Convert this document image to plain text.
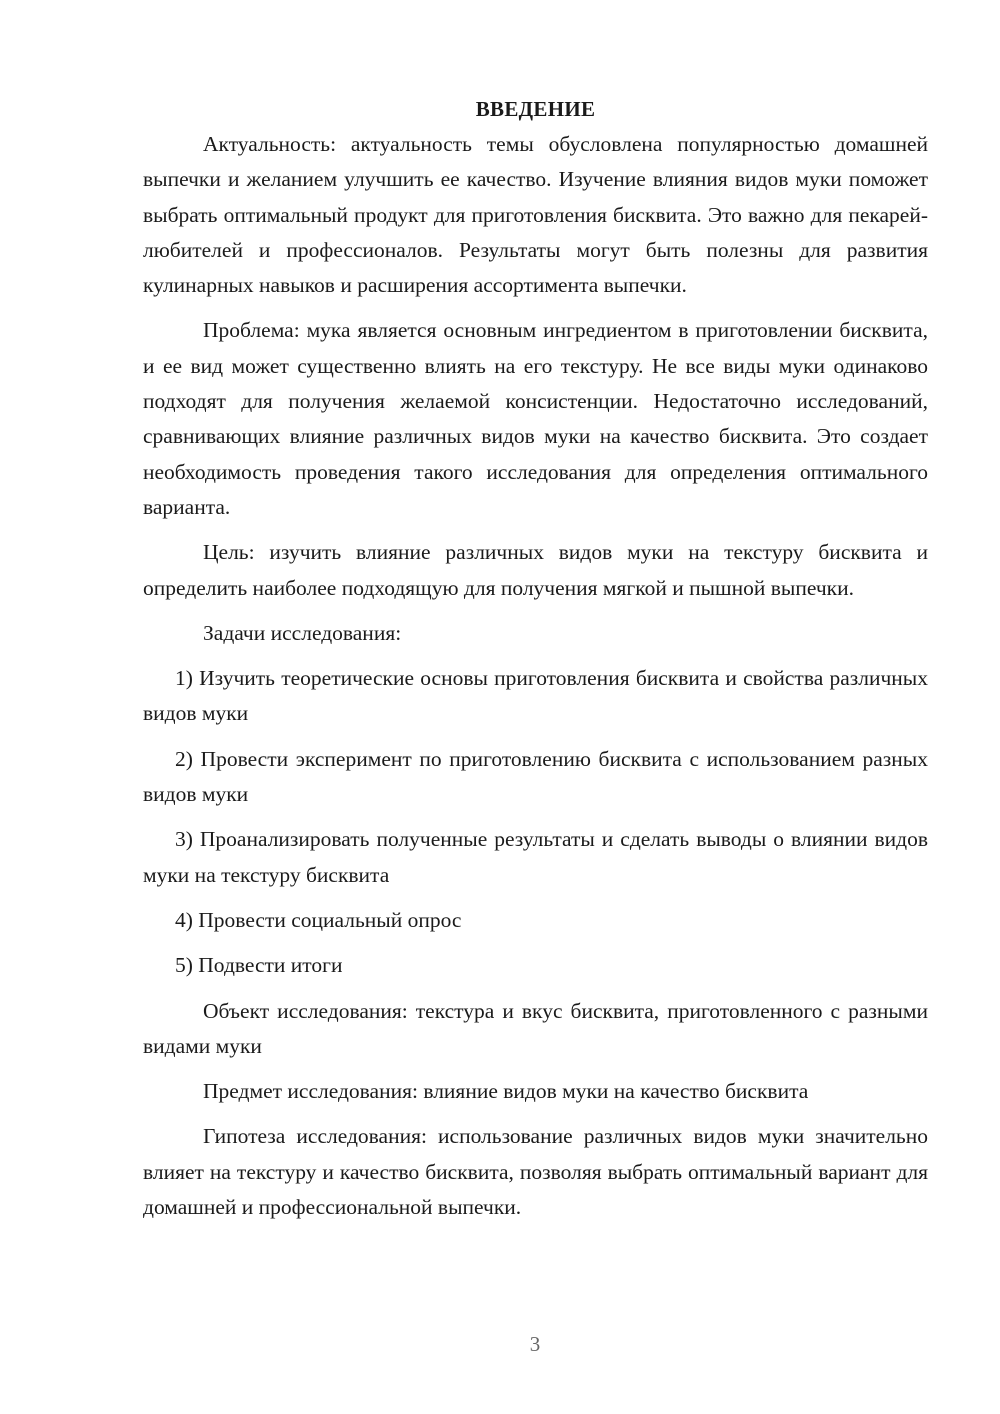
ВВЕДЕНИЕ

Актуальность: актуальность темы обусловлена популярностью домашней выпечки и желанием улучшить ее качество. Изучение влияния видов муки поможет выбрать оптимальный продукт для приготовления бисквита. Это важно для пекарей-любителей и профессионалов. Результаты могут быть полезны для развития кулинарных навыков и расширения ассортимента выпечки.

Проблема: мука является основным ингредиентом в приготовлении бисквита, и ее вид может существенно влиять на его текстуру. Не все виды муки одинаково подходят для получения желаемой консистенции. Недостаточно исследований, сравнивающих влияние различных видов муки на качество бисквита. Это создает необходимость проведения такого исследования для определения оптимального варианта.

Цель: изучить влияние различных видов муки на текстуру бисквита и определить наиболее подходящую для получения мягкой и пышной выпечки.

Задачи исследования:

1) Изучить теоретические основы приготовления бисквита и свойства различных видов муки

2) Провести эксперимент по приготовлению бисквита с использованием разных видов муки

3) Проанализировать полученные результаты и сделать выводы о влиянии видов муки на текстуру бисквита

4) Провести социальный опрос

5) Подвести итоги

Объект исследования: текстура и вкус бисквита, приготовленного с разными видами муки

Предмет исследования: влияние видов муки на качество бисквита

Гипотеза исследования: использование различных видов муки значительно влияет на текстуру и качество бисквита, позволяя выбрать оптимальный вариант для домашней и профессиональной выпечки.

3
